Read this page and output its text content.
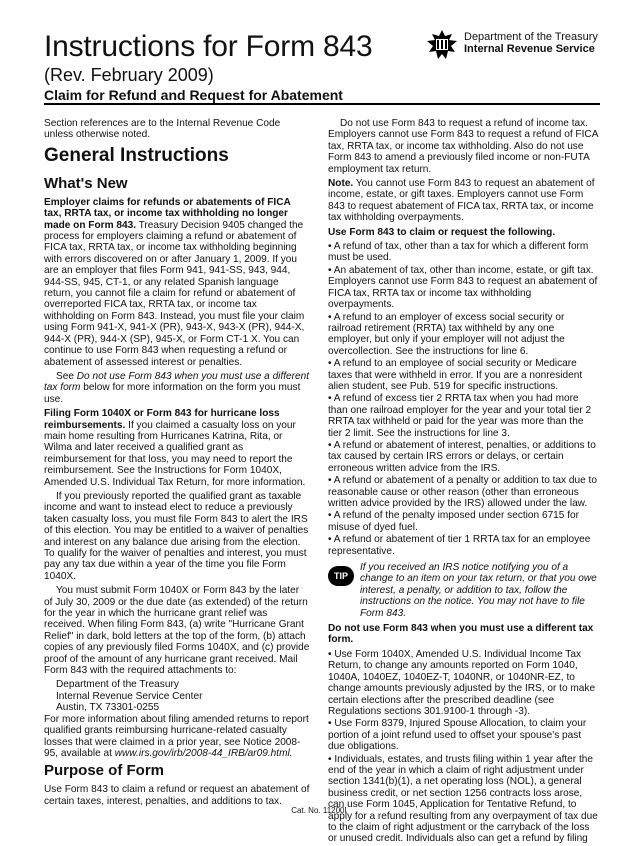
Instructions for Form 843
(Rev. February 2009)
Claim for Refund and Request for Abatement
Department of the Treasury
Internal Revenue Service

Section references are to the Internal Revenue Code unless otherwise noted.

General Instructions
What's New

Employer claims for refunds or abatements of FICA tax, RRTA tax, or income tax withholding no longer made on Form 843. Treasury Decision 9405 changed the process for employers claiming a refund or abatement of FICA tax, RRTA tax, or income tax withholding beginning with errors discovered on or after January 1, 2009. If you are an employer that files Form 941, 941-SS, 943, 944, 944-SS, 945, CT-1, or any related Spanish language return, you cannot file a claim for refund or abatement of overreported FICA tax, RRTA tax, or income tax withholding on Form 843. Instead, you must file your claim using Form 941-X, 941-X (PR), 943-X, 943-X (PR), 944-X, 944-X (PR), 944-X (SP), 945-X, or Form CT-1 X. You can continue to use Form 843 when requesting a refund or abatement of assessed interest or penalties.

See Do not use Form 843 when you must use a different tax form below for more information on the form you must use.

Filing Form 1040X or Form 843 for hurricane loss reimbursements. If you claimed a casualty loss on your main home resulting from Hurricanes Katrina, Rita, or Wilma and later received a qualified grant as reimbursement for that loss, you may need to report the reimbursement. See the Instructions for Form 1040X, Amended U.S. Individual Tax Return, for more information.

If you previously reported the qualified grant as taxable income and want to instead elect to reduce a previously taken casualty loss, you must file Form 843 to alert the IRS of this election. You may be entitled to a waiver of penalties and interest on any balance due arising from the election. To qualify for the waiver of penalties and interest, you must pay any tax due within a year of the time you file Form 1040X.

You must submit Form 1040X or Form 843 by the later of July 30, 2009 or the due date (as extended) of the return for the year in which the hurricane grant relief was received. When filing Form 843, (a) write "Hurricane Grant Relief" in dark, bold letters at the top of the form, (b) attach copies of any previously filed Forms 1040X, and (c) provide proof of the amount of any hurricane grant received. Mail Form 843 with the required attachments to:

Department of the Treasury

Internal Revenue Service Center

Austin, TX 73301-0255

For more information about filing amended returns to report qualified grants reimbursing hurricane-related casualty losses that were claimed in a prior year, see Notice 2008-95, available at www.irs.gov/irb/2008-44_IRB/ar09.html.

Purpose of Form

Use Form 843 to claim a refund or request an abatement of certain taxes, interest, penalties, and additions to tax.

Do not use Form 843 to request a refund of income tax. Employers cannot use Form 843 to request a refund of FICA tax, RRTA tax, or income tax withholding. Also do not use Form 843 to amend a previously filed income or non-FUTA employment tax return.

Note. You cannot use Form 843 to request an abatement of income, estate, or gift taxes. Employers cannot use Form 843 to request abatement of FICA tax, RRTA tax, or income tax withholding overpayments.

Use Form 843 to claim or request the following.

• A refund of tax, other than a tax for which a different form must be used.

• An abatement of tax, other than income, estate, or gift tax. Employers cannot use Form 843 to request an abatement of FICA tax, RRTA tax or income tax withholding overpayments.

• A refund to an employer of excess social security or railroad retirement (RRTA) tax withheld by any one employer, but only if your employer will not adjust the overcollection. See the instructions for line 6.

• A refund to an employee of social security or Medicare taxes that were withheld in error. If you are a nonresident alien student, see Pub. 519 for specific instructions.

• A refund of excess tier 2 RRTA tax when you had more than one railroad employer for the year and your total tier 2 RRTA tax withheld or paid for the year was more than the tier 2 limit. See the instructions for line 3.

• A refund or abatement of interest, penalties, or additions to tax caused by certain IRS errors or delays, or certain erroneous written advice from the IRS.

• A refund or abatement of a penalty or addition to tax due to reasonable cause or other reason (other than erroneous written advice provided by the IRS) allowed under the law.

• A refund of the penalty imposed under section 6715 for misuse of dyed fuel.

• A refund or abatement of tier 1 RRTA tax for an employee representative.

TIP
If you received an IRS notice notifying you of a change to an item on your tax return, or that you owe interest, a penalty, or addition to tax, follow the instructions on the notice. You may not have to file Form 843.

Do not use Form 843 when you must use a different tax form.

• Use Form 1040X, Amended U.S. Individual Income Tax Return, to change any amounts reported on Form 1040, 1040A, 1040EZ, 1040EZ-T, 1040NR, or 1040NR-EZ, to change amounts previously adjusted by the IRS, or to make certain elections after the prescribed deadline (see Regulations sections 301.9100-1 through -3).

• Use Form 8379, Injured Spouse Allocation, to claim your portion of a joint refund used to offset your spouse's past due obligations.

• Individuals, estates, and trusts filing within 1 year after the end of the year in which a claim of right adjustment under section 1341(b)(1), a net operating loss (NOL), a general business credit, or net section 1256 contracts loss arose, can use Form 1045, Application for Tentative Refund, to apply for a refund resulting from any overpayment of tax due to the claim of right adjustment or the carryback of the loss or unused credit. Individuals also can get a refund by filing

Cat. No. 11200I
